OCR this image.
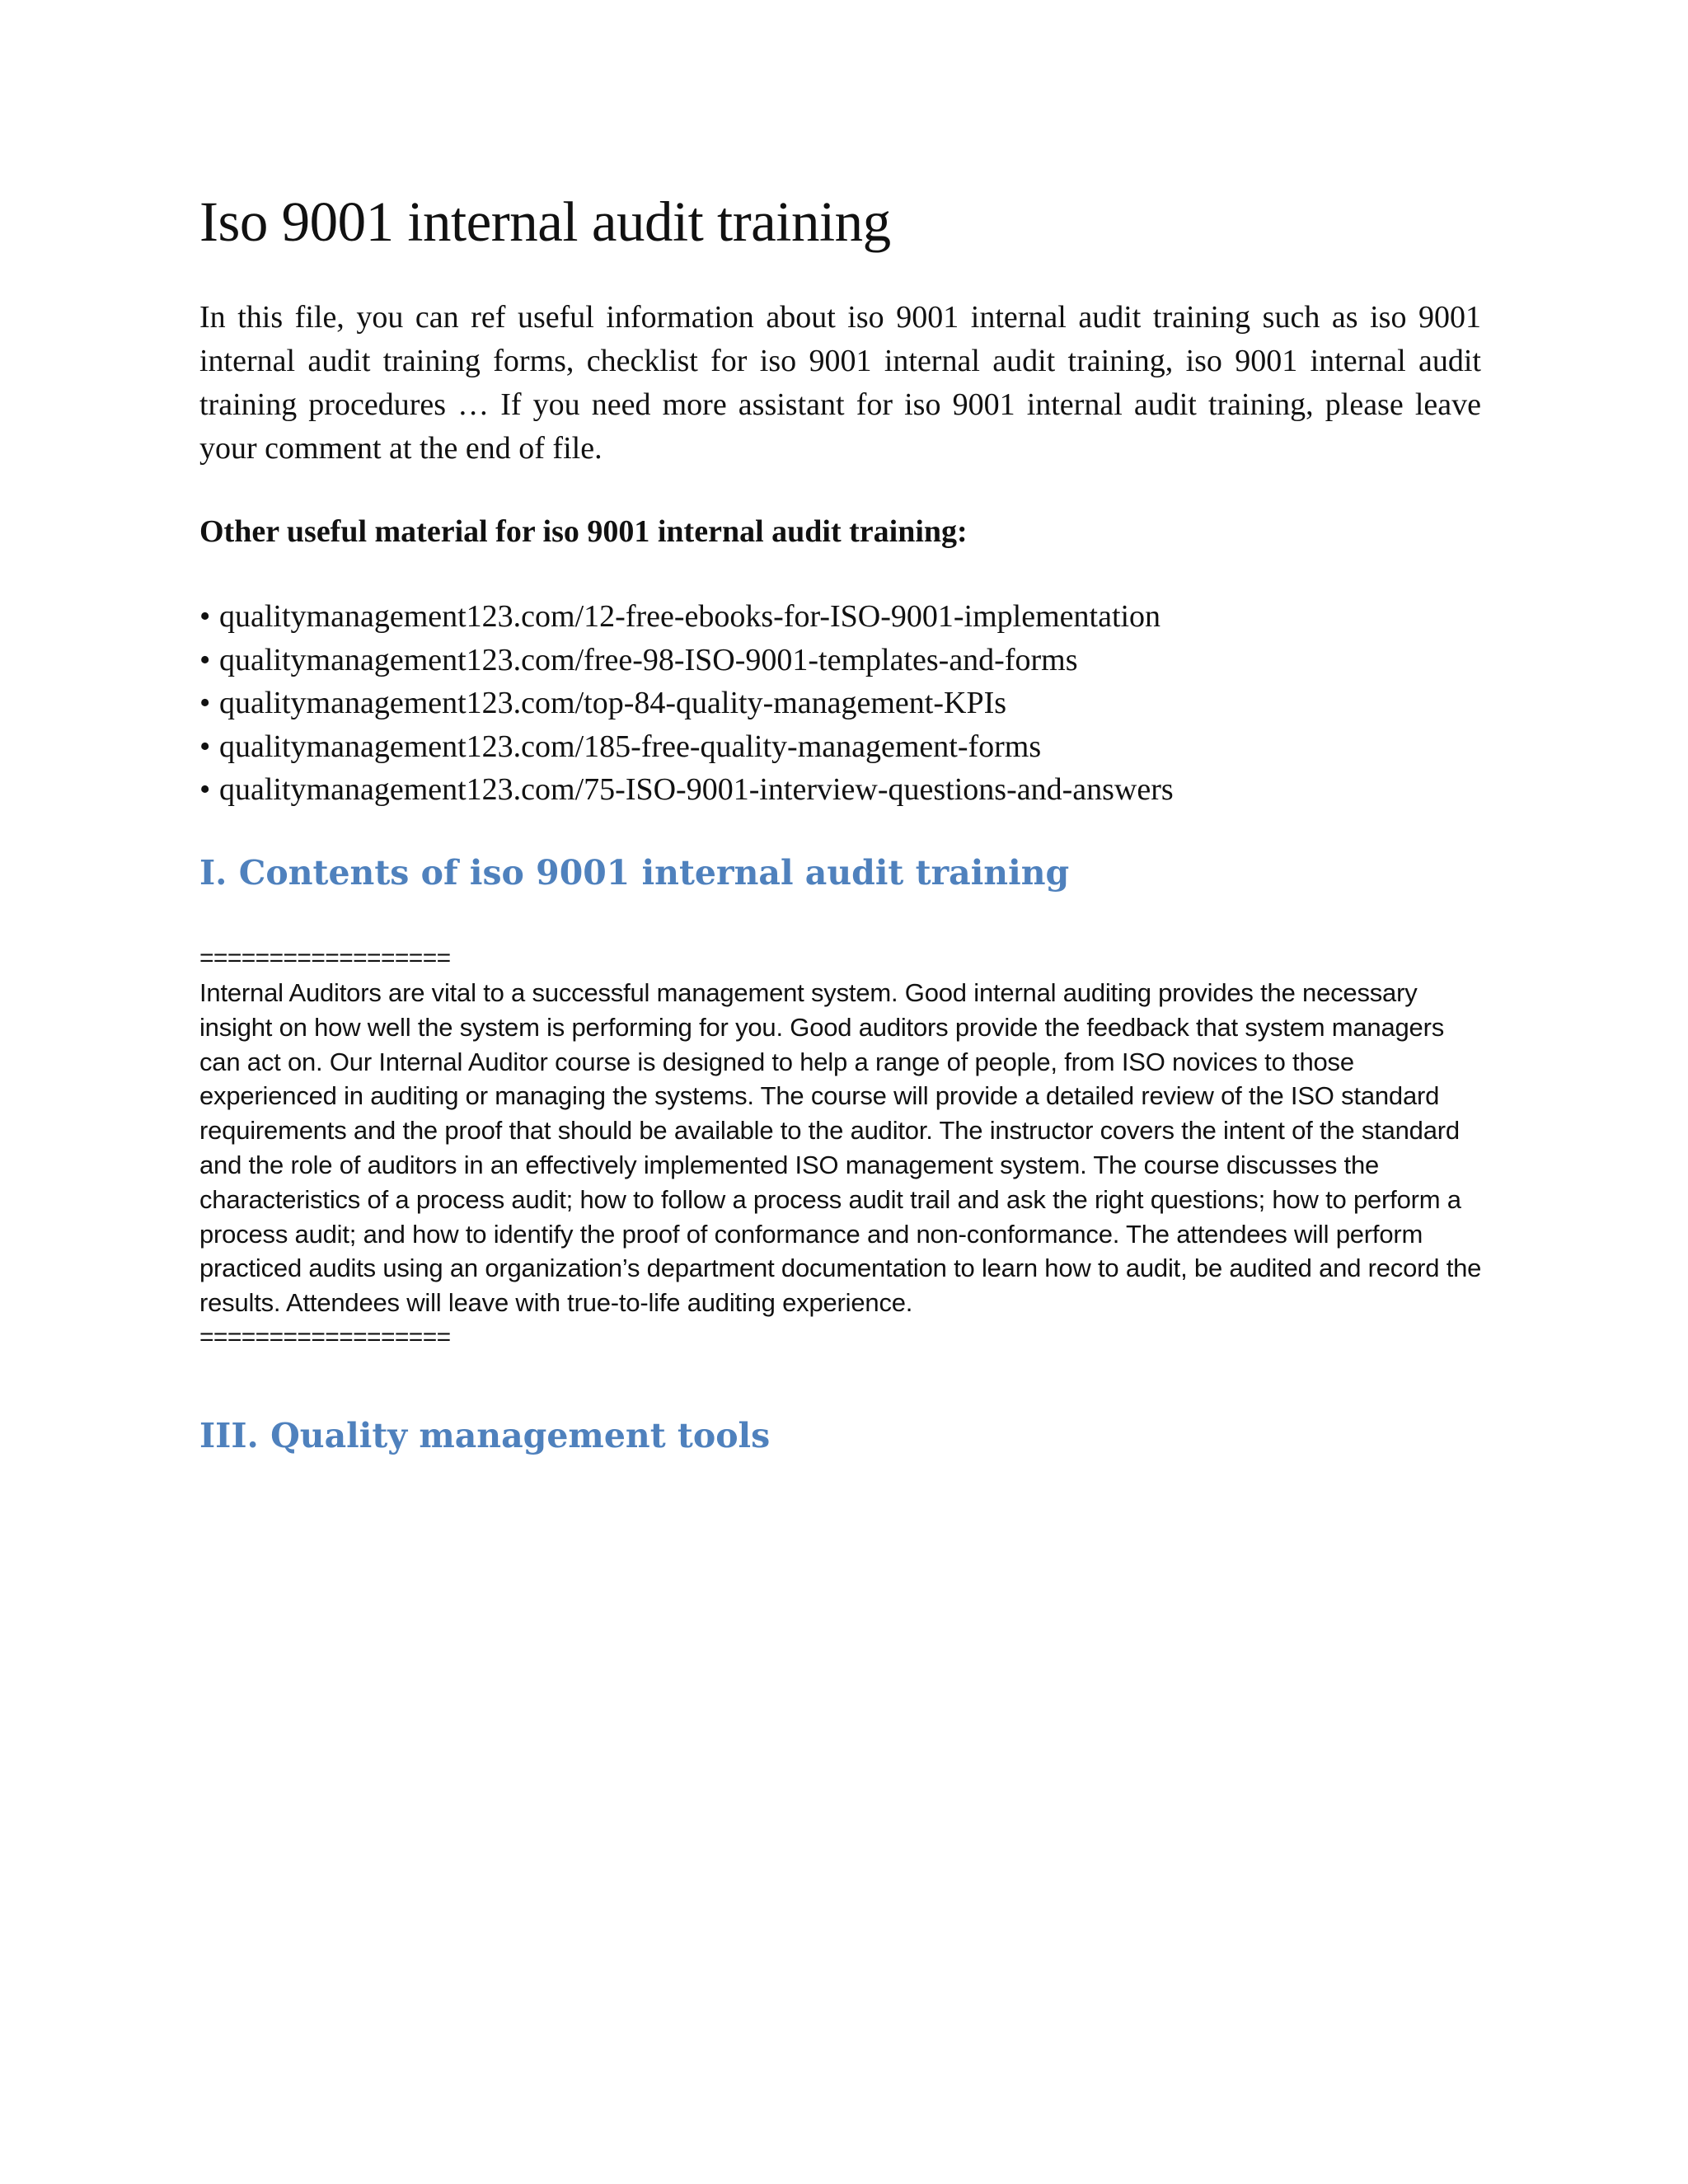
Iso 9001 internal audit training

In this file, you can ref useful information about iso 9001 internal audit training such as iso 9001 internal audit training forms, checklist for iso 9001 internal audit training, iso 9001 internal audit training procedures … If you need more assistant for iso 9001 internal audit training, please leave your comment at the end of file.

Other useful material for iso 9001 internal audit training:

• qualitymanagement123.com/12-free-ebooks-for-ISO-9001-implementation
• qualitymanagement123.com/free-98-ISO-9001-templates-and-forms
• qualitymanagement123.com/top-84-quality-management-KPIs
• qualitymanagement123.com/185-free-quality-management-forms
• qualitymanagement123.com/75-ISO-9001-interview-questions-and-answers
I. Contents of iso 9001 internal audit training

==================

Internal Auditors are vital to a successful management system. Good internal auditing provides the necessary insight on how well the system is performing for you. Good auditors provide the feedback that system managers can act on. Our Internal Auditor course is designed to help a range of people, from ISO novices to those experienced in auditing or managing the systems. The course will provide a detailed review of the ISO standard requirements and the proof that should be available to the auditor. The instructor covers the intent of the standard and the role of auditors in an effectively implemented ISO management system. The course discusses the characteristics of a process audit; how to follow a process audit trail and ask the right questions; how to perform a process audit; and how to identify the proof of conformance and non-conformance. The attendees will perform practiced audits using an organization’s department documentation to learn how to audit, be audited and record the results. Attendees will leave with true-to-life auditing experience.

==================

III. Quality management tools
